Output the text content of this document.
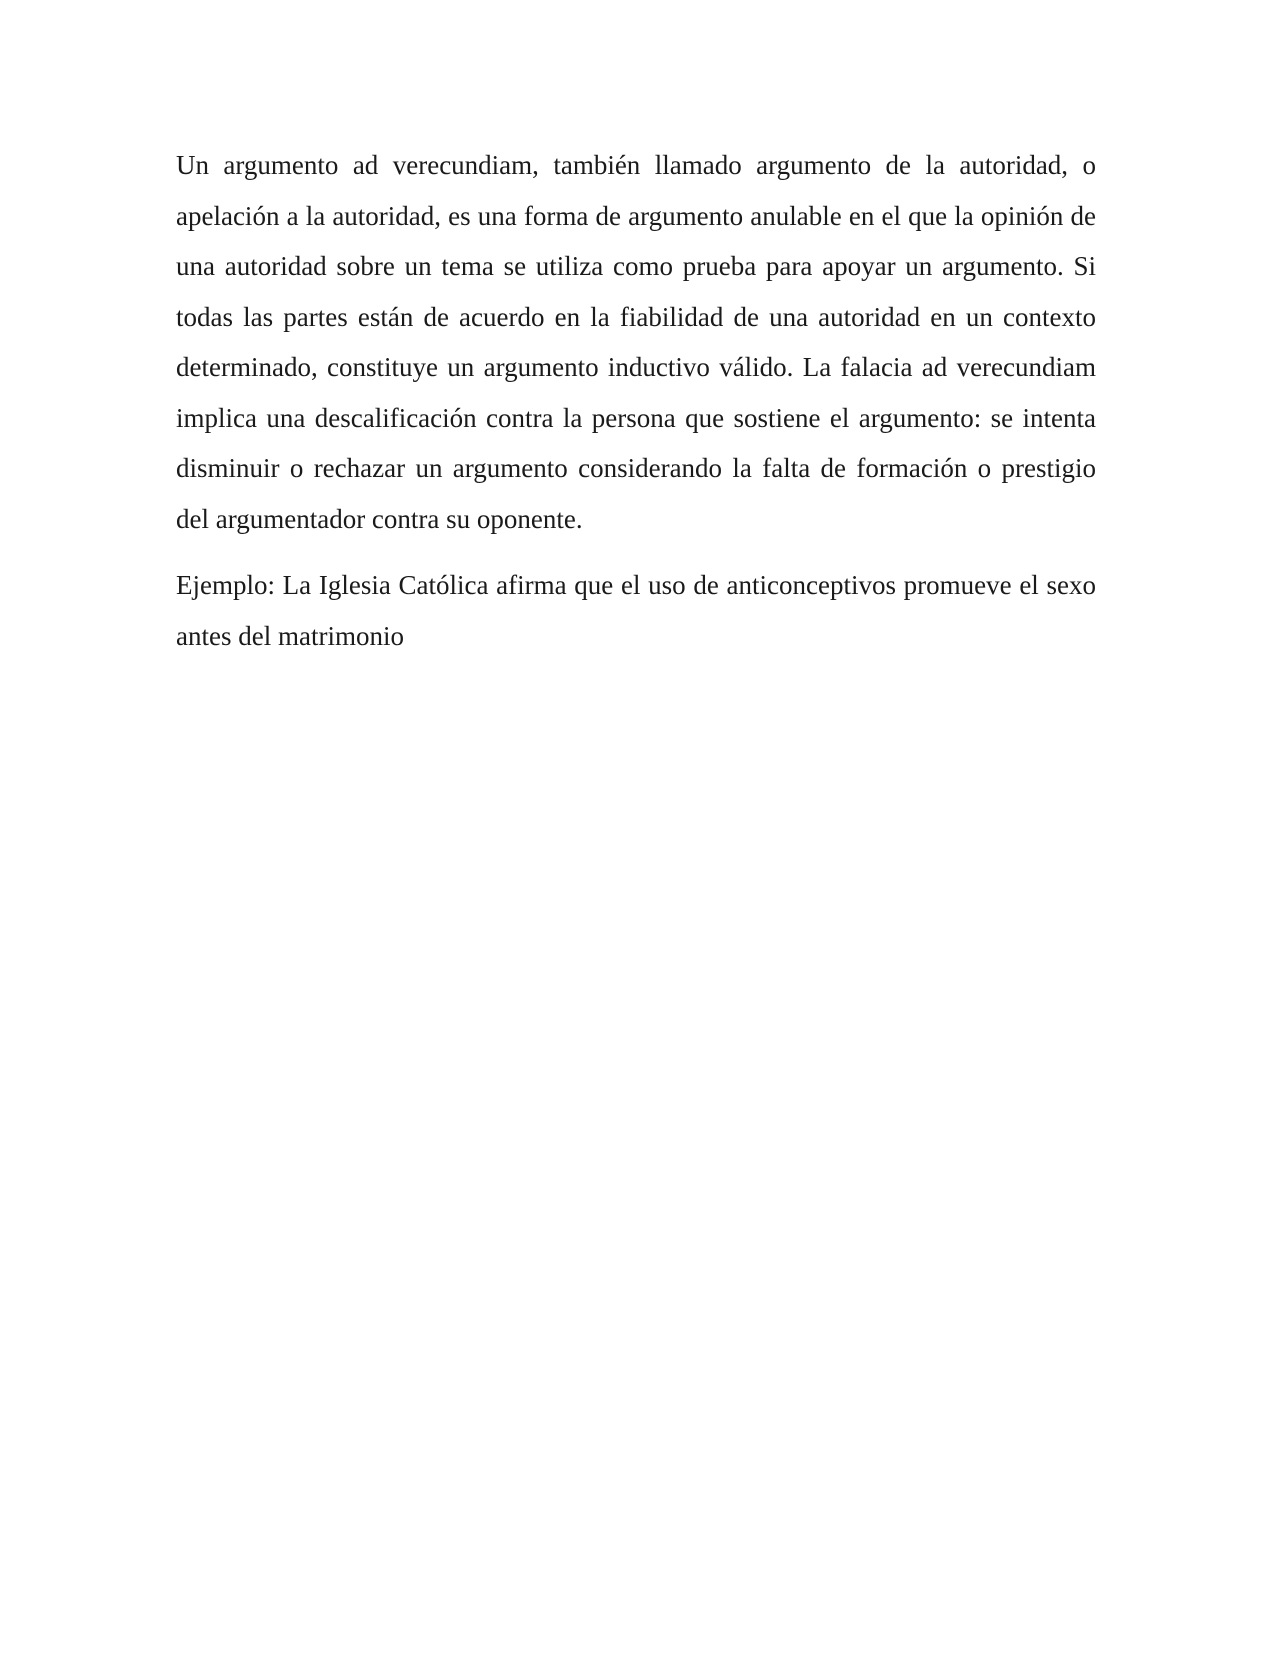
Un argumento ad verecundiam, también llamado argumento de la autoridad, o apelación a la autoridad, es una forma de argumento anulable en el que la opinión de una autoridad sobre un tema se utiliza como prueba para apoyar un argumento. Si todas las partes están de acuerdo en la fiabilidad de una autoridad en un contexto determinado, constituye un argumento inductivo válido. La falacia ad verecundiam implica una descalificación contra la persona que sostiene el argumento: se intenta disminuir o rechazar un argumento considerando la falta de formación o prestigio del argumentador contra su oponente.

Ejemplo: La Iglesia Católica afirma que el uso de anticonceptivos promueve el sexo antes del matrimonio
